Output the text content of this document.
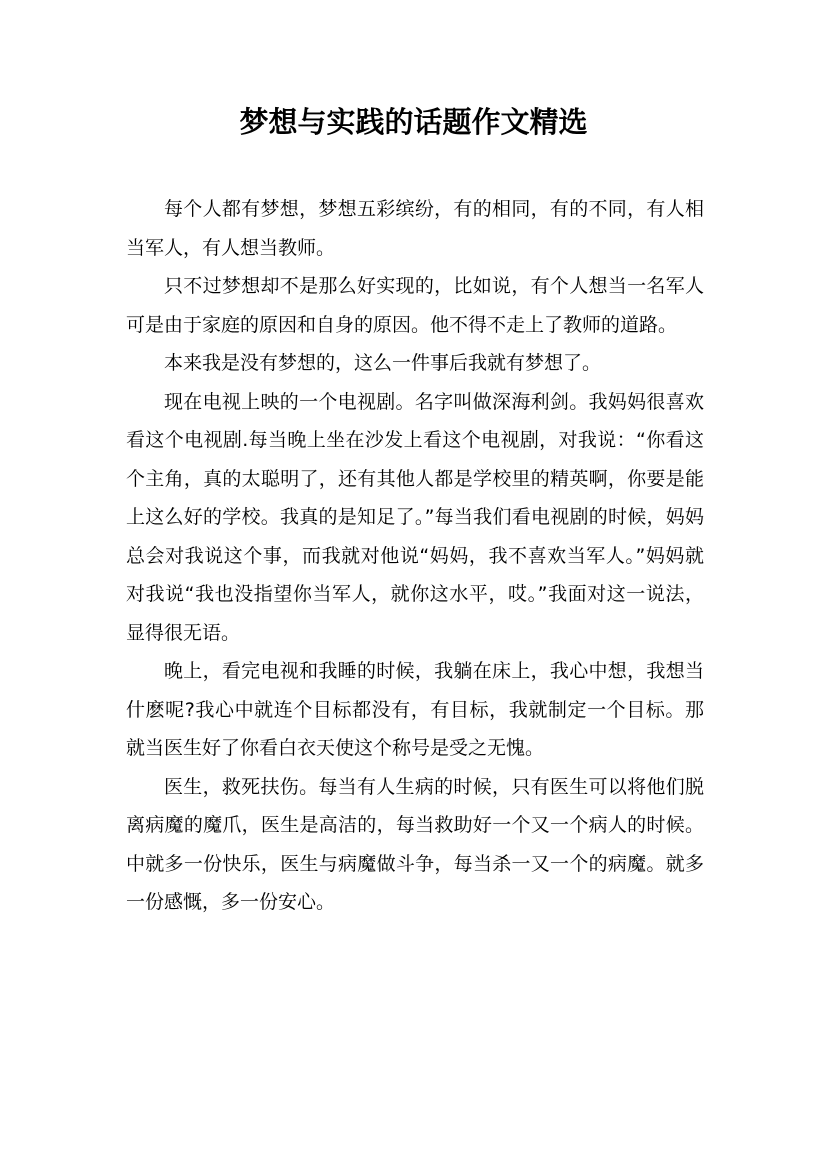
梦想与实践的话题作文精选

每个人都有梦想，梦想五彩缤纷，有的相同，有的不同，有人相当军人，有人想当教师。

只不过梦想却不是那么好实现的，比如说，有个人想当一名军人可是由于家庭的原因和自身的原因。他不得不走上了教师的道路。

本来我是没有梦想的，这么一件事后我就有梦想了。

现在电视上映的一个电视剧。名字叫做深海利剑。我妈妈很喜欢看这个电视剧.每当晚上坐在沙发上看这个电视剧，对我说：“你看这个主角，真的太聪明了，还有其他人都是学校里的精英啊，你要是能上这么好的学校。我真的是知足了。”每当我们看电视剧的时候，妈妈总会对我说这个事，而我就对他说“妈妈，我不喜欢当军人。”妈妈就对我说“我也没指望你当军人，就你这水平，哎。”我面对这一说法，显得很无语。

晚上，看完电视和我睡的时候，我躺在床上，我心中想，我想当什麽呢?我心中就连个目标都没有，有目标，我就制定一个目标。那就当医生好了你看白衣天使这个称号是受之无愧。

医生，救死扶伤。每当有人生病的时候，只有医生可以将他们脱离病魔的魔爪，医生是高洁的，每当救助好一个又一个病人的时候。中就多一份快乐，医生与病魔做斗争，每当杀一又一个的病魔。就多一份感慨，多一份安心。
